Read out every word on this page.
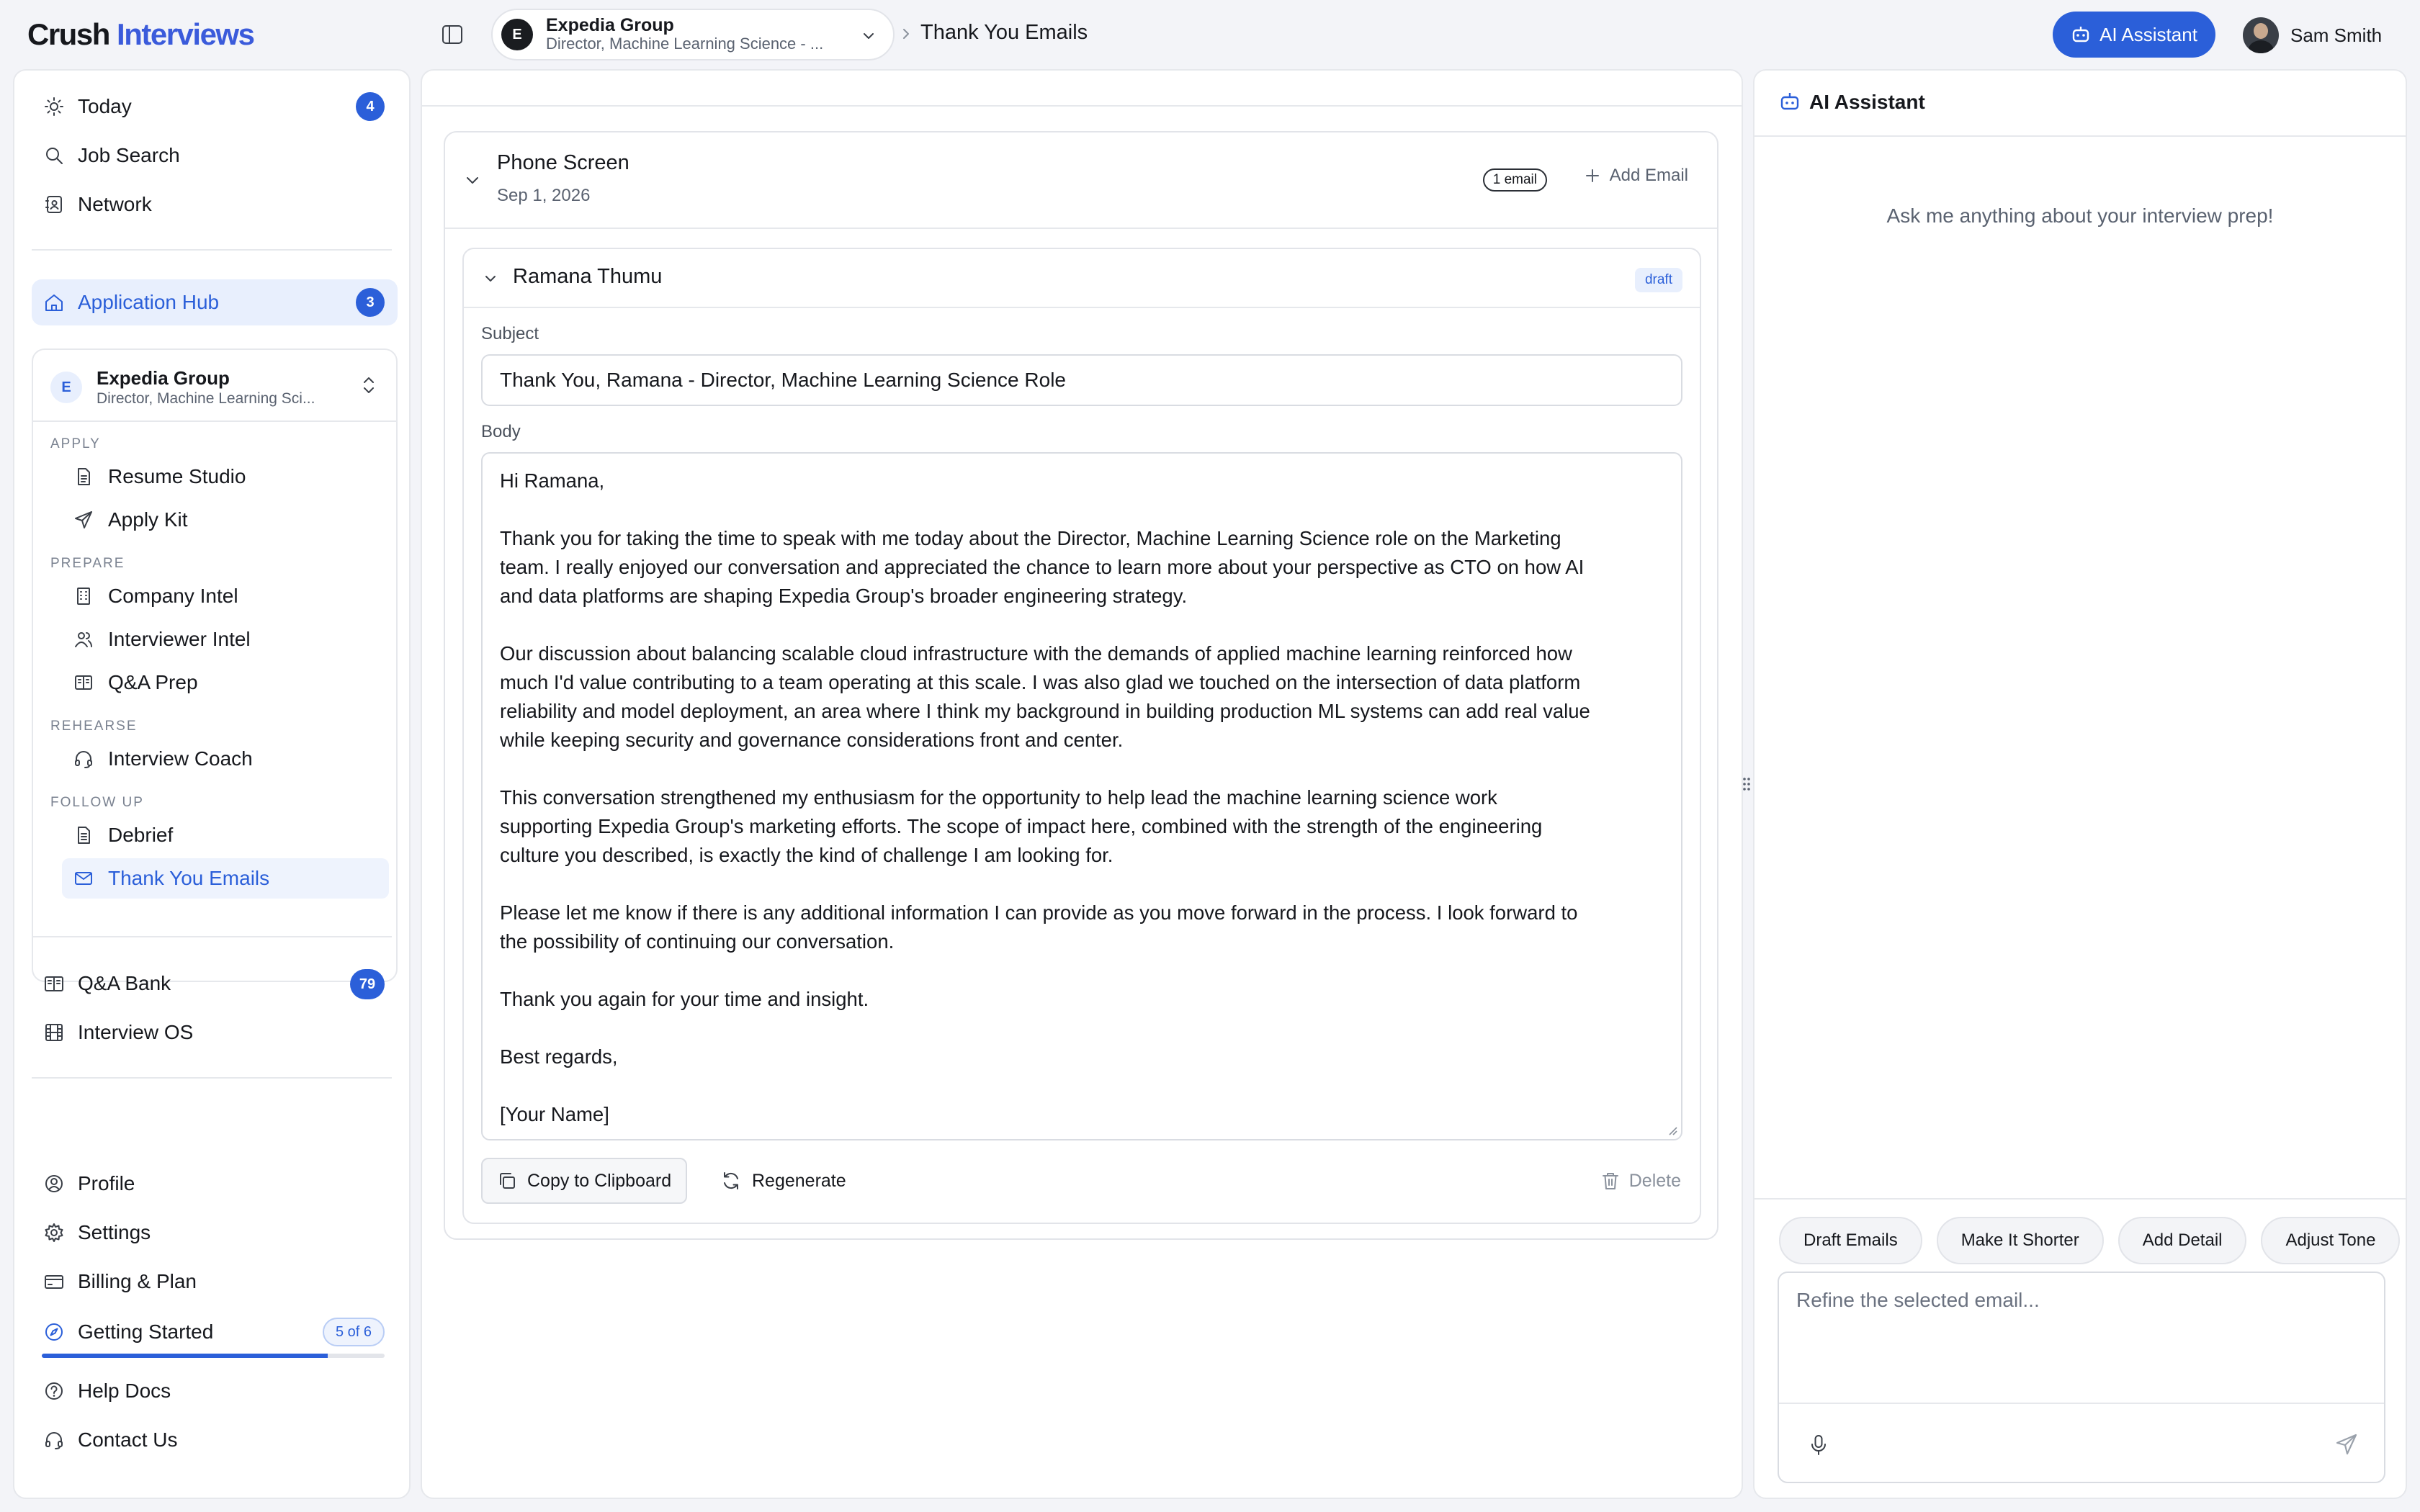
Crush Interviews	E	Expedia Group
Director, Machine Learning Science - ...	Thank You Emails	AI Assistant	Sam Smith
Today	4
Job Search
Network
Application Hub	3
E	Expedia Group
Director, Machine Learning Sci...
APPLY
Resume Studio
Apply Kit
PREPARE
Company Intel
Interviewer Intel
Q&A Prep
REHEARSE
Interview Coach
FOLLOW UP
Debrief
Thank You Emails
Q&A Bank	79
Interview OS
Profile
Settings
Billing & Plan
Getting Started	5 of 6
Help Docs
Contact Us
Phone Screen
Sep 1, 2026
1 email	Add Email
Ramana Thumu	draft
Subject
Thank You, Ramana - Director, Machine Learning Science Role
Body

Hi Ramana,

Thank you for taking the time to speak with me today about the Director, Machine Learning Science role on the Marketing
team. I really enjoyed our conversation and appreciated the chance to learn more about your perspective as CTO on how AI
and data platforms are shaping Expedia Group's broader engineering strategy.

Our discussion about balancing scalable cloud infrastructure with the demands of applied machine learning reinforced how
much I'd value contributing to a team operating at this scale. I was also glad we touched on the intersection of data platform
reliability and model deployment, an area where I think my background in building production ML systems can add real value
while keeping security and governance considerations front and center.

This conversation strengthened my enthusiasm for the opportunity to help lead the machine learning science work
supporting Expedia Group's marketing efforts. The scope of impact here, combined with the strength of the engineering
culture you described, is exactly the kind of challenge I am looking for.

Please let me know if there is any additional information I can provide as you move forward in the process. I look forward to
the possibility of continuing our conversation.

Thank you again for your time and insight.

Best regards,

[Your Name]

Copy to Clipboard	Regenerate	Delete
AI Assistant
Ask me anything about your interview prep!
Draft Emails	Make It Shorter	Add Detail	Adjust Tone
Refine the selected email...
